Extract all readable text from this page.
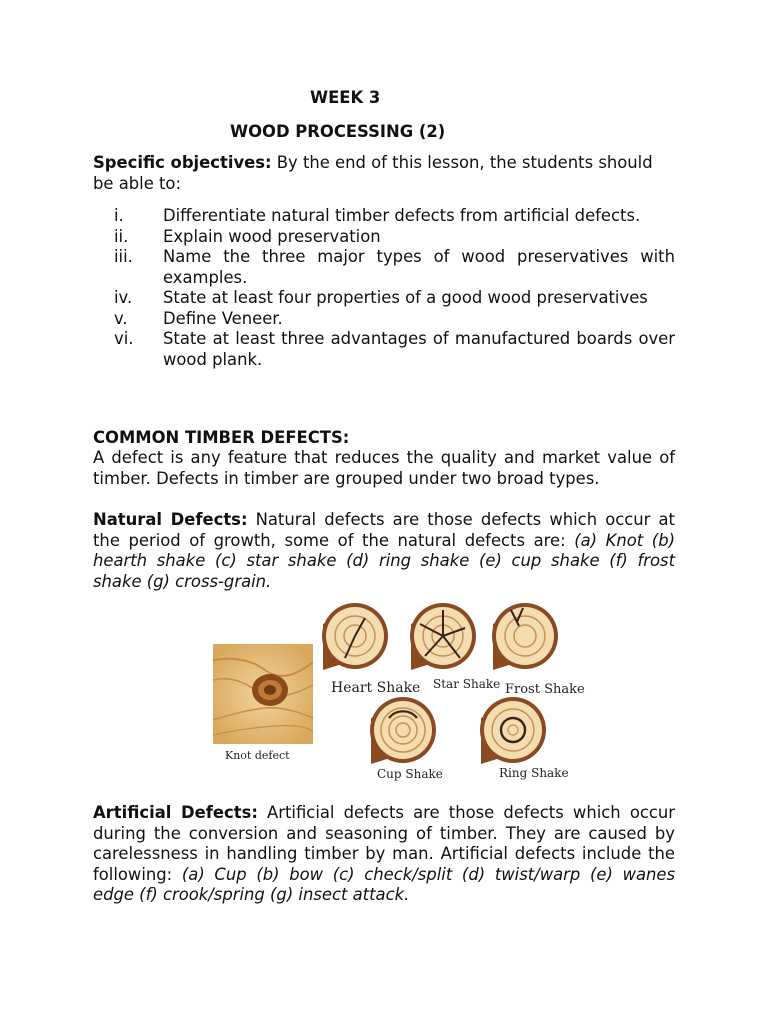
WEEK 3
WOOD PROCESSING (2)
Specific objectives: By the end of this lesson, the students should be able to:
i. Differentiate natural timber defects from artificial defects.
ii. Explain wood preservation
iii. Name the three major types of wood preservatives with examples.
iv. State at least four properties of a good wood preservatives
v. Define Veneer.
vi. State at least three advantages of manufactured boards over wood plank.
COMMON TIMBER DEFECTS:
A defect is any feature that reduces the quality and market value of timber. Defects in timber are grouped under two broad types.
Natural Defects: Natural defects are those defects which occur at the period of growth, some of the natural defects are: (a) Knot (b) hearth shake (c) star shake (d) ring shake (e) cup shake (f) frost shake (g) cross-grain.
Knot defect
Heart Shake Star Shake Frost Shake
Cup Shake	Ring Shake
Artificial Defects: Artificial defects are those defects which occur during the conversion and seasoning of timber. They are caused by carelessness in handling timber by man. Artificial defects include the following: (a) Cup (b) bow (c) check/split (d) twist/warp (e) wanes edge (f) crook/spring (g) insect attack.
